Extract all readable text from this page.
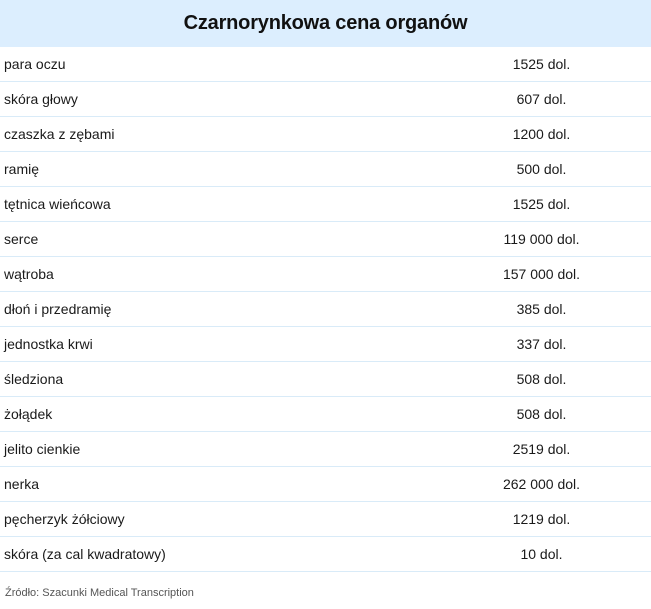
Czarnorynkowa cena organów
para oczu	1525 dol.
skóra głowy	607 dol.
czaszka z zębami	1200 dol.
ramię	500 dol.
tętnica wieńcowa	1525 dol.
serce	119 000 dol.
wątroba	157 000 dol.
dłoń i przedramię	385 dol.
jednostka krwi	337 dol.
śledziona	508 dol.
żołądek	508 dol.
jelito cienkie	2519 dol.
nerka	262 000 dol.
pęcherzyk żółciowy	1219 dol.
skóra (za cal kwadratowy)	10 dol.
Źródło: Szacunki Medical Transcription
